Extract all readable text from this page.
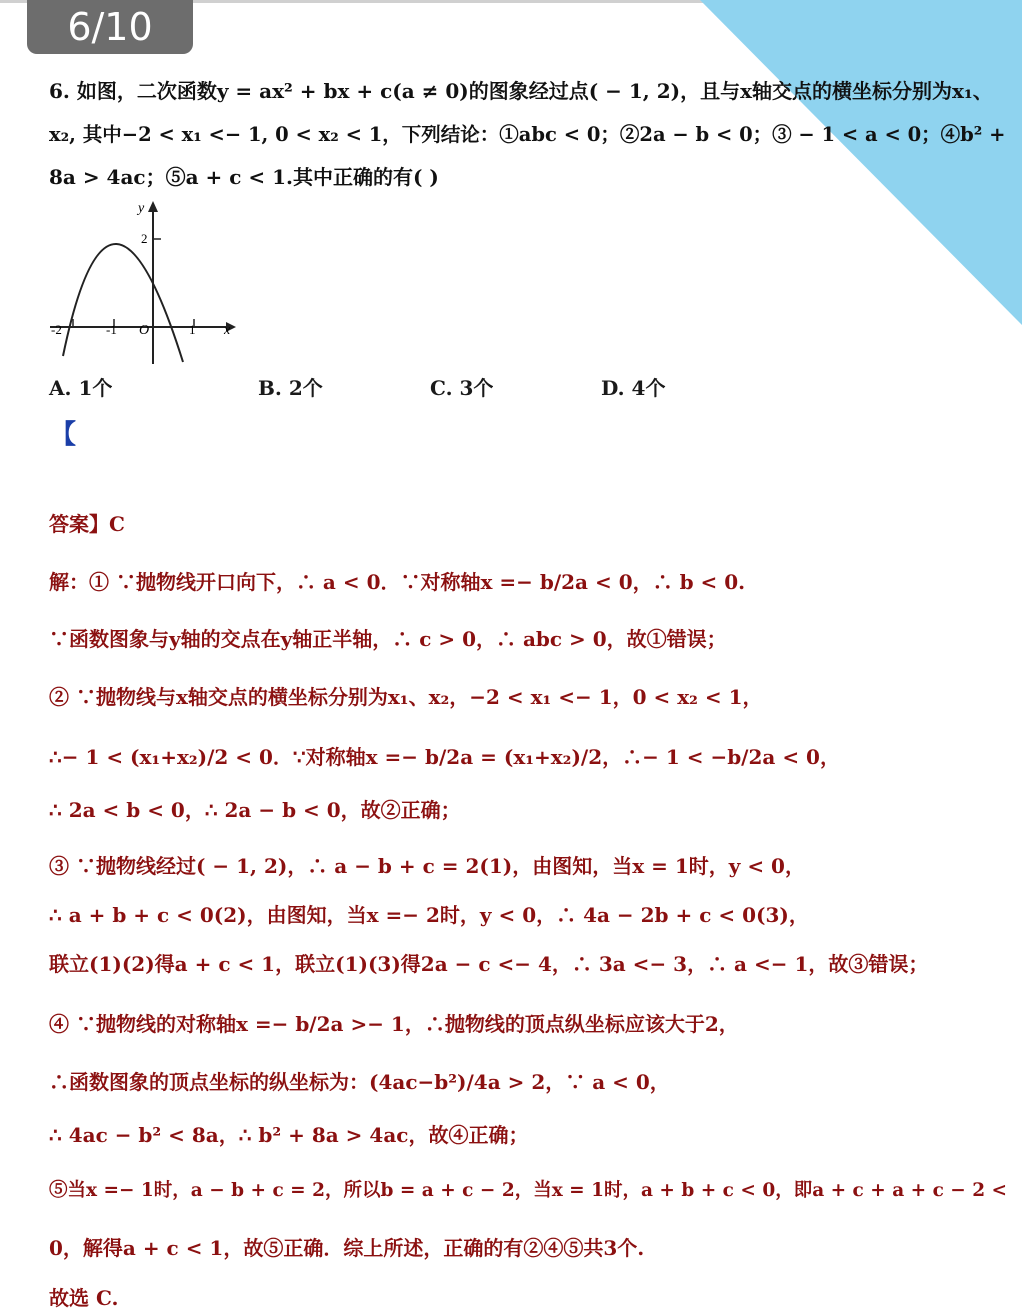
6/10
6. 如图，二次函数y = ax² + bx + c(a ≠ 0)的图象经过点( − 1, 2)，且与x轴交点的横坐标分别为x₁、
x₂, 其中−2 < x₁ <− 1, 0 < x₂ < 1，下列结论：①abc < 0；②2a − b < 0；③ − 1 < a < 0；④b² +
8a > 4ac；⑤a + c < 1.其中正确的有( )
y
x
2
-2	-1 O	1
A. 1个	B. 2个	C. 3个	D. 4个
【
答案】C
解：① ∵抛物线开口向下，∴ a < 0．∵对称轴x =− b/2a < 0，∴ b < 0.
∵函数图象与y轴的交点在y轴正半轴，∴ c > 0，∴ abc > 0，故①错误；
② ∵抛物线与x轴交点的横坐标分别为x₁、x₂，−2 < x₁ <− 1，0 < x₂ < 1，
∴− 1 < (x₁+x₂)/2 < 0．∵对称轴x =− b/2a = (x₁+x₂)/2，∴− 1 < −b/2a < 0，
∴ 2a < b < 0，∴ 2a − b < 0，故②正确；
③ ∵抛物线经过( − 1, 2)，∴ a − b + c = 2(1)，由图知，当x = 1时，y < 0，
∴ a + b + c < 0(2)，由图知，当x =− 2时，y < 0，∴ 4a − 2b + c < 0(3)，
联立(1)(2)得a + c < 1，联立(1)(3)得2a − c <− 4，∴ 3a <− 3，∴ a <− 1，故③错误；
④ ∵抛物线的对称轴x =− b/2a >− 1，∴抛物线的顶点纵坐标应该大于2，
∴函数图象的顶点坐标的纵坐标为：(4ac−b²)/4a > 2，∵ a < 0，
∴ 4ac − b² < 8a，∴ b² + 8a > 4ac，故④正确；
⑤当x =− 1时，a − b + c = 2，所以b = a + c − 2，当x = 1时，a + b + c < 0，即a + c + a + c − 2 <
0，解得a + c < 1，故⑤正确．综上所述，正确的有②④⑤共3个.
故选 C.
